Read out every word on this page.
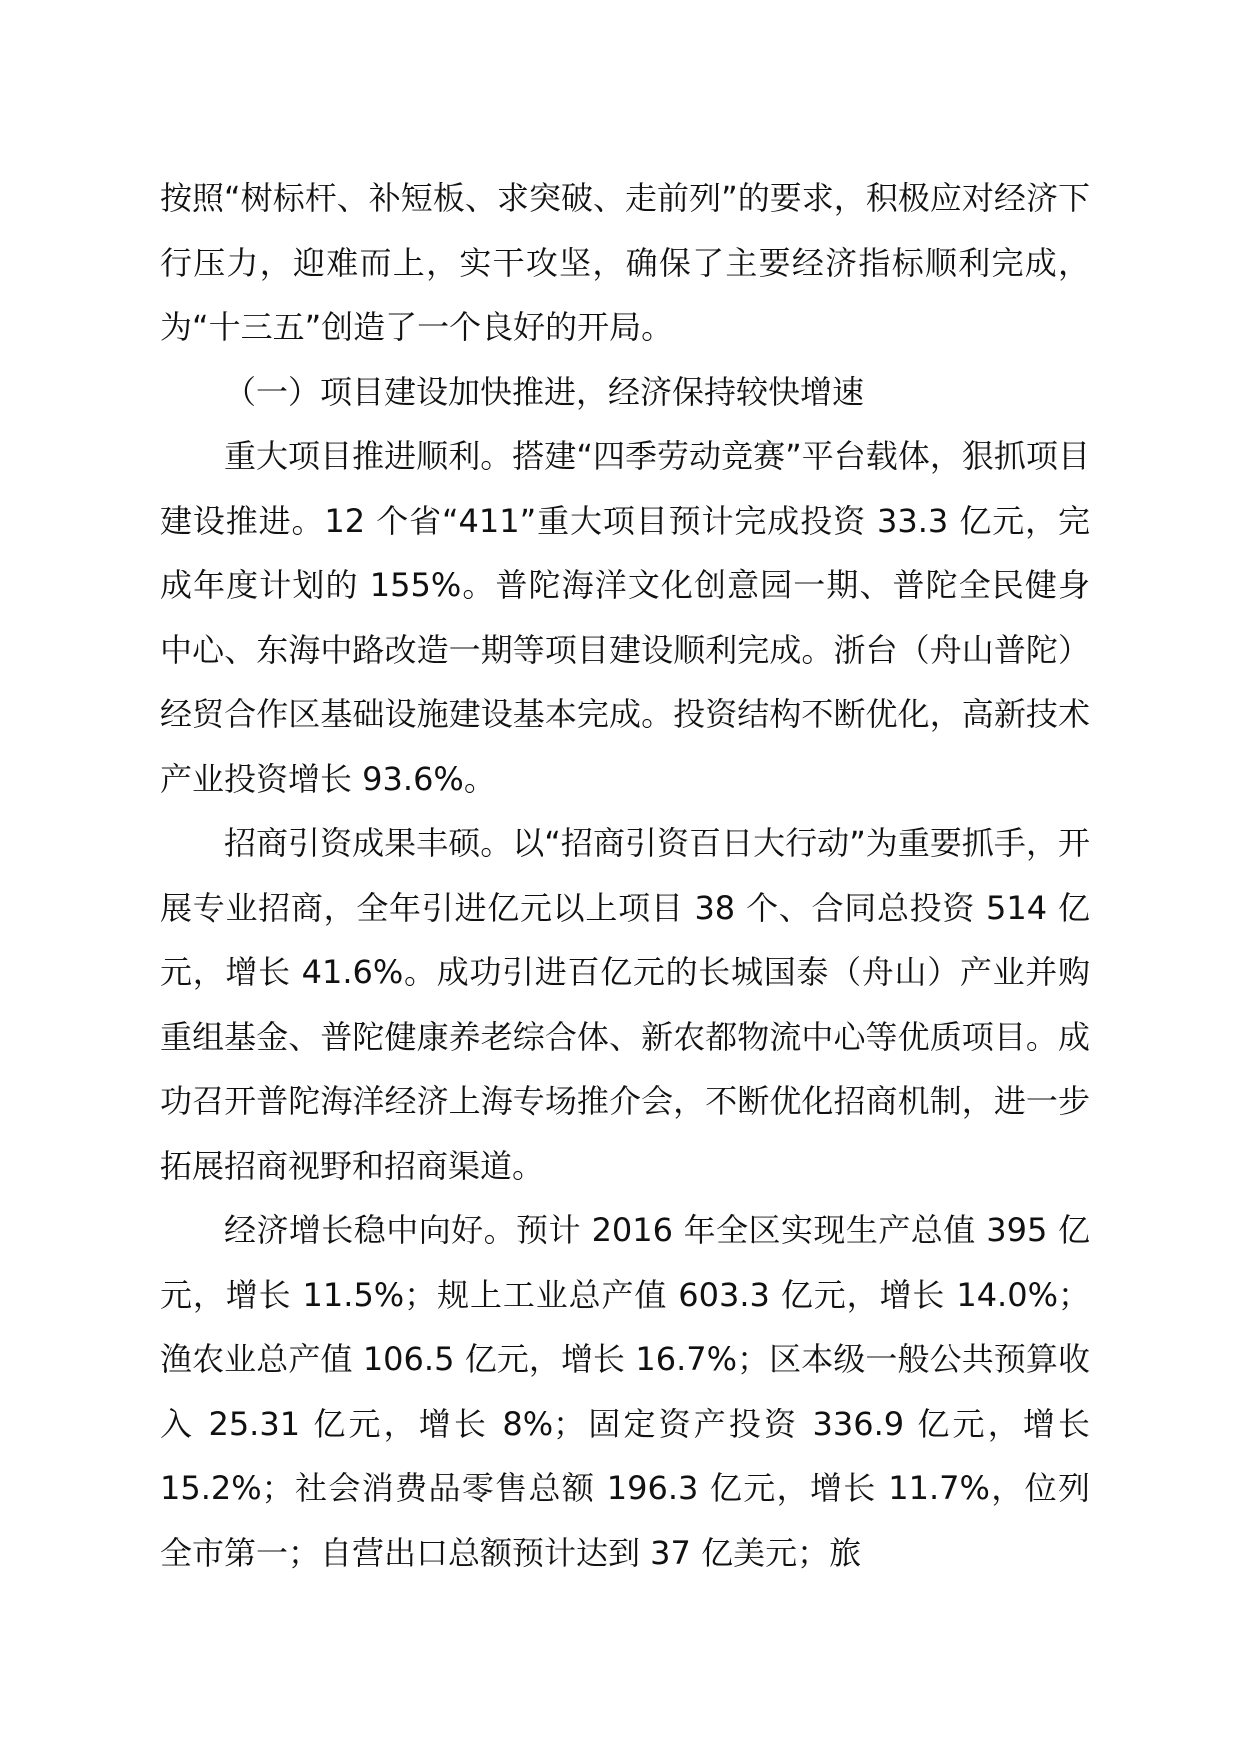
按照“树标杆、补短板、求突破、走前列”的要求，积极应对经济下行压力，迎难而上，实干攻坚，确保了主要经济指标顺利完成，为“十三五”创造了一个良好的开局。

（一）项目建设加快推进，经济保持较快增速

重大项目推进顺利。搭建“四季劳动竞赛”平台载体，狠抓项目建设推进。12 个省“411”重大项目预计完成投资 33.3 亿元，完成年度计划的 155%。普陀海洋文化创意园一期、普陀全民健身中心、东海中路改造一期等项目建设顺利完成。浙台（舟山普陀）经贸合作区基础设施建设基本完成。投资结构不断优化，高新技术产业投资增长 93.6%。

招商引资成果丰硕。以“招商引资百日大行动”为重要抓手，开展专业招商，全年引进亿元以上项目 38 个、合同总投资 514 亿元，增长 41.6%。成功引进百亿元的长城国泰（舟山）产业并购重组基金、普陀健康养老综合体、新农都物流中心等优质项目。成功召开普陀海洋经济上海专场推介会，不断优化招商机制，进一步拓展招商视野和招商渠道。

经济增长稳中向好。预计 2016 年全区实现生产总值 395 亿元，增长 11.5%；规上工业总产值 603.3 亿元，增长 14.0%；渔农业总产值 106.5 亿元，增长 16.7%；区本级一般公共预算收入 25.31 亿元，增长 8%；固定资产投资 336.9 亿元，增长 15.2%；社会消费品零售总额 196.3 亿元，增长 11.7%，位列全市第一；自营出口总额预计达到 37 亿美元；旅
